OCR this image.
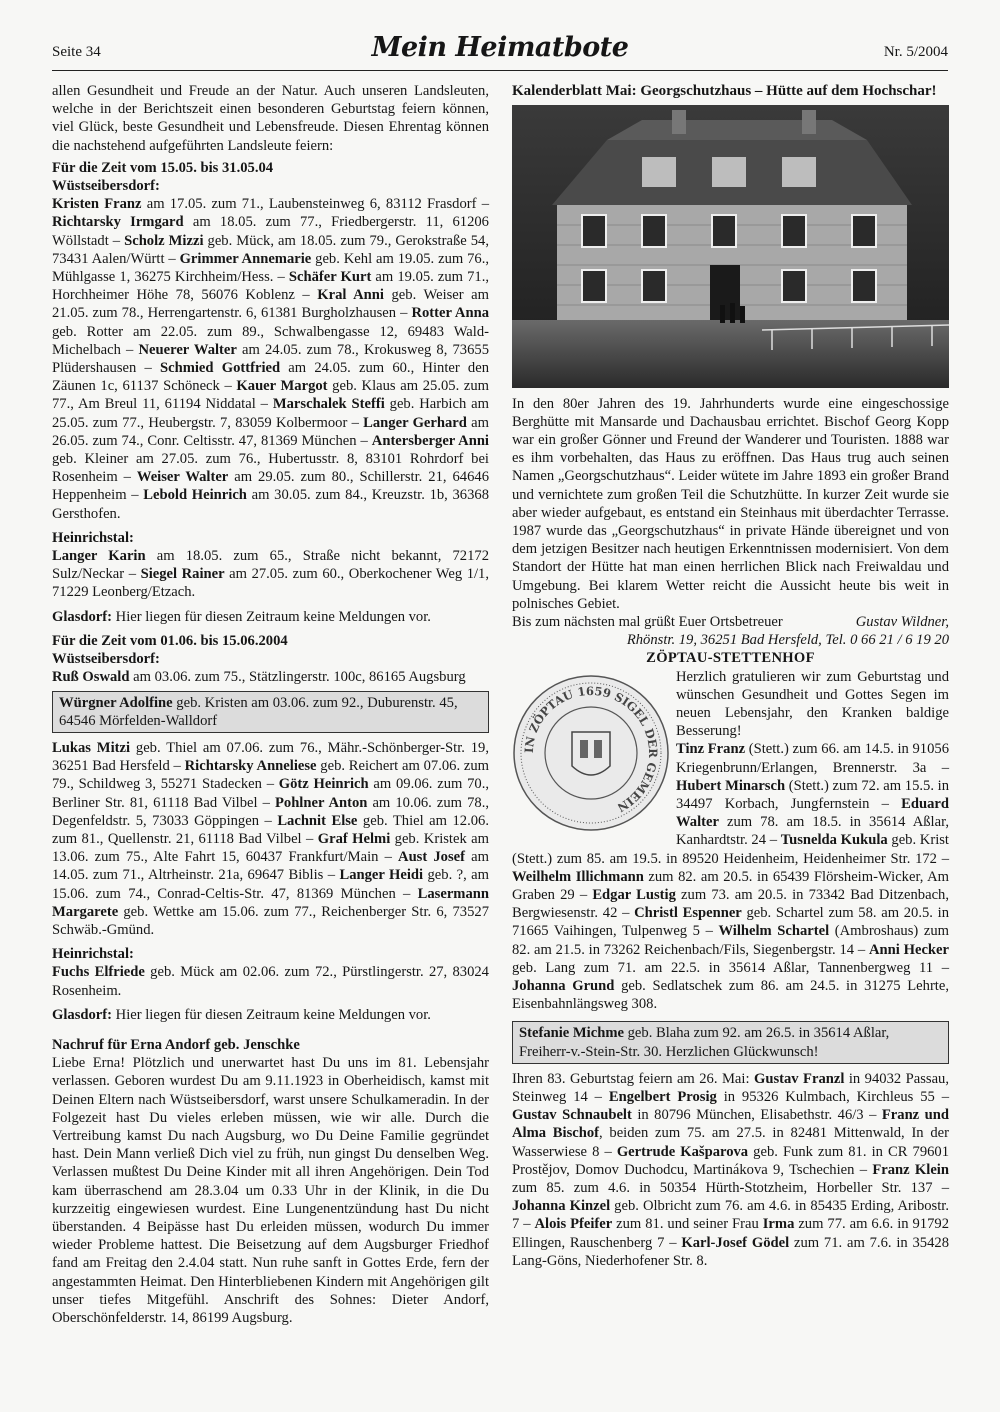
Seite 34	Mein Heimatbote	Nr. 5/2004

allen Gesundheit und Freude an der Natur. Auch unseren Landsleuten, welche in der Berichtszeit einen besonderen Geburtstag feiern können, viel Glück, beste Gesundheit und Lebensfreude. Diesen Ehrentag können die nachstehend aufgeführten Landsleute feiern:

Für die Zeit vom 15.05. bis 31.05.04

Wüstseibersdorf:

Kristen Franz am 17.05. zum 71., Laubensteinweg 6, 83112 Frasdorf – Richtarsky Irmgard am 18.05. zum 77., Friedbergerstr. 11, 61206 Wöllstadt – Scholz Mizzi geb. Mück, am 18.05. zum 79., Gerokstraße 54, 73431 Aalen/Württ – Grimmer Annemarie geb. Kehl am 19.05. zum 76., Mühlgasse 1, 36275 Kirchheim/Hess. – Schäfer Kurt am 19.05. zum 71., Horchheimer Höhe 78, 56076 Koblenz – Kral Anni geb. Weiser am 21.05. zum 78., Herrengartenstr. 6, 61381 Burgholzhausen – Rotter Anna geb. Rotter am 22.05. zum 89., Schwalbengasse 12, 69483 Wald-Michelbach – Neuerer Walter am 24.05. zum 78., Krokusweg 8, 73655 Plüdershausen – Schmied Gottfried am 24.05. zum 60., Hinter den Zäunen 1c, 61137 Schöneck – Kauer Margot geb. Klaus am 25.05. zum 77., Am Breul 11, 61194 Niddatal – Marschalek Steffi geb. Harbich am 25.05. zum 77., Heubergstr. 7, 83059 Kolbermoor – Langer Gerhard am 26.05. zum 74., Conr. Celtisstr. 47, 81369 München – Antersberger Anni geb. Kleiner am 27.05. zum 76., Hubertusstr. 8, 83101 Rohrdorf bei Rosenheim – Weiser Walter am 29.05. zum 80., Schillerstr. 21, 64646 Heppenheim – Lebold Heinrich am 30.05. zum 84., Kreuzstr. 1b, 36368 Gersthofen.

Heinrichstal:

Langer Karin am 18.05. zum 65., Straße nicht bekannt, 72172 Sulz/Neckar – Siegel Rainer am 27.05. zum 60., Oberkochener Weg 1/1, 71229 Leonberg/Etzach.

Glasdorf: Hier liegen für diesen Zeitraum keine Meldungen vor.

Für die Zeit vom 01.06. bis 15.06.2004

Wüstseibersdorf:

Ruß Oswald am 03.06. zum 75., Stätzlingerstr. 100c, 86165 Augsburg

Würgner Adolfine geb. Kristen am 03.06. zum 92., Duburenstr. 45, 64546 Mörfelden-Walldorf

Lukas Mitzi geb. Thiel am 07.06. zum 76., Mähr.-Schönberger-Str. 19, 36251 Bad Hersfeld – Richtarsky Anneliese geb. Reichert am 07.06. zum 79., Schildweg 3, 55271 Stadecken – Götz Heinrich am 09.06. zum 70., Berliner Str. 81, 61118 Bad Vilbel – Pohlner Anton am 10.06. zum 78., Degenfeldstr. 5, 73033 Göppingen – Lachnit Else geb. Thiel am 12.06. zum 81., Quellenstr. 21, 61118 Bad Vilbel – Graf Helmi geb. Kristek am 13.06. zum 75., Alte Fahrt 15, 60437 Frankfurt/Main – Aust Josef am 14.05. zum 71., Altrheinstr. 21a, 69647 Biblis – Langer Heidi geb. ?, am 15.06. zum 74., Conrad-Celtis-Str. 47, 81369 München – Lasermann Margarete geb. Wettke am 15.06. zum 77., Reichenberger Str. 6, 73527 Schwäb.-Gmünd.

Heinrichstal:

Fuchs Elfriede geb. Mück am 02.06. zum 72., Pürstlingerstr. 27, 83024 Rosenheim.

Glasdorf: Hier liegen für diesen Zeitraum keine Meldungen vor.

Nachruf für Erna Andorf geb. Jenschke

Liebe Erna! Plötzlich und unerwartet hast Du uns im 81. Lebensjahr verlassen. Geboren wurdest Du am 9.11.1923 in Oberheidisch, kamst mit Deinen Eltern nach Wüstseibersdorf, warst unsere Schulkameradin. In der Folgezeit hast Du vieles erleben müssen, wie wir alle. Durch die Vertreibung kamst Du nach Augsburg, wo Du Deine Familie gegründet hast. Dein Mann verließ Dich viel zu früh, nun gingst Du denselben Weg. Verlassen mußtest Du Deine Kinder mit all ihren Angehörigen. Dein Tod kam überraschend am 28.3.04 um 0.33 Uhr in der Klinik, in die Du kurzzeitig eingewiesen wurdest. Eine Lungenentzündung hast Du nicht überstanden. 4 Beipässe hast Du erleiden müssen, wodurch Du immer wieder Probleme hattest. Die Beisetzung auf dem Augsburger Friedhof fand am Freitag den 2.4.04 statt. Nun ruhe sanft in Gottes Erde, fern der angestammten Heimat. Den Hinterbliebenen Kindern mit Angehörigen gilt unser tiefes Mitgefühl. Anschrift des Sohnes: Dieter Andorf, Oberschönfelderstr. 14, 86199 Augsburg.

Kalenderblatt Mai: Georgschutzhaus – Hütte auf dem Hochschar!

In den 80er Jahren des 19. Jahrhunderts wurde eine eingeschossige Berghütte mit Mansarde und Dachausbau errichtet. Bischof Georg Kopp war ein großer Gönner und Freund der Wanderer und Touristen. 1888 war es ihm vorbehalten, das Haus zu eröffnen. Das Haus trug auch seinen Namen „Georgschutzhaus“. Leider wütete im Jahre 1893 ein großer Brand und vernichtete zum großen Teil die Schutzhütte. In kurzer Zeit wurde sie aber wieder aufgebaut, es entstand ein Steinhaus mit überdachter Terrasse. 1987 wurde das „Georgschutzhaus“ in private Hände übereignet und von dem jetzigen Besitzer nach heutigen Erkenntnissen modernisiert. Von dem Standort der Hütte hat man einen herrlichen Blick nach Freiwaldau und Umgebung. Bei klarem Wetter reicht die Aussicht heute bis weit in polnisches Gebiet.

Bis zum nächsten mal grüßt Euer Ortsbetreuer	Gustav Wildner,

Rhönstr. 19, 36251 Bad Hersfeld, Tel. 0 66 21 / 6 19 20

ZÖPTAU-STETTENHOF

IN ZÖPTAU 1659 SIGEL DER GEMEIN

Herzlich gratulieren wir zum Geburtstag und wünschen Gesundheit und Gottes Segen im neuen Lebensjahr, den Kranken baldige Besserung!

Tinz Franz (Stett.) zum 66. am 14.5. in 91056 Kriegenbrunn/Erlangen, Brennerstr. 3a – Hubert Minarsch (Stett.) zum 72. am 15.5. in 34497 Korbach, Jungfernstein – Eduard Walter zum 78. am 18.5. in 35614 Aßlar, Kanhardtstr. 24 – Tusnelda Kukula geb. Krist (Stett.) zum 85. am 19.5. in 89520 Heidenheim, Heidenheimer Str. 172 – Weilhelm Illichmann zum 82. am 20.5. in 65439 Flörsheim-Wicker, Am Graben 29 – Edgar Lustig zum 73. am 20.5. in 73342 Bad Ditzenbach, Bergwiesenstr. 42 – Christl Espenner geb. Schartel zum 58. am 20.5. in 71665 Vaihingen, Tulpenweg 5 – Wilhelm Schartel (Ambroshaus) zum 82. am 21.5. in 73262 Reichenbach/Fils, Siegenbergstr. 14 – Anni Hecker geb. Lang zum 71. am 22.5. in 35614 Aßlar, Tannenbergweg 11 – Johanna Grund geb. Sedlatschek zum 86. am 24.5. in 31275 Lehrte, Eisenbahnlängsweg 308.

Stefanie Michme geb. Blaha zum 92. am 26.5. in 35614 Aßlar, Freiherr-v.-Stein-Str. 30. Herzlichen Glückwunsch!

Ihren 83. Geburtstag feiern am 26. Mai: Gustav Franzl in 94032 Passau, Steinweg 14 – Engelbert Prosig in 95326 Kulmbach, Kirchleus 55 – Gustav Schnaubelt in 80796 München, Elisabethstr. 46/3 – Franz und Alma Bischof, beiden zum 75. am 27.5. in 82481 Mittenwald, In der Wasserwiese 8 – Gertrude Kašparova geb. Funk zum 81. in CR 79601 Prostějov, Domov Duchodcu, Martinákova 9, Tschechien – Franz Klein zum 85. zum 4.6. in 50354 Hürth-Stotzheim, Horbeller Str. 137 – Johanna Kinzel geb. Olbricht zum 76. am 4.6. in 85435 Erding, Aribostr. 7 – Alois Pfeifer zum 81. und seiner Frau Irma zum 77. am 6.6. in 91792 Ellingen, Rauschenberg 7 – Karl-Josef Gödel zum 71. am 7.6. in 35428 Lang-Göns, Niederhofener Str. 8.
